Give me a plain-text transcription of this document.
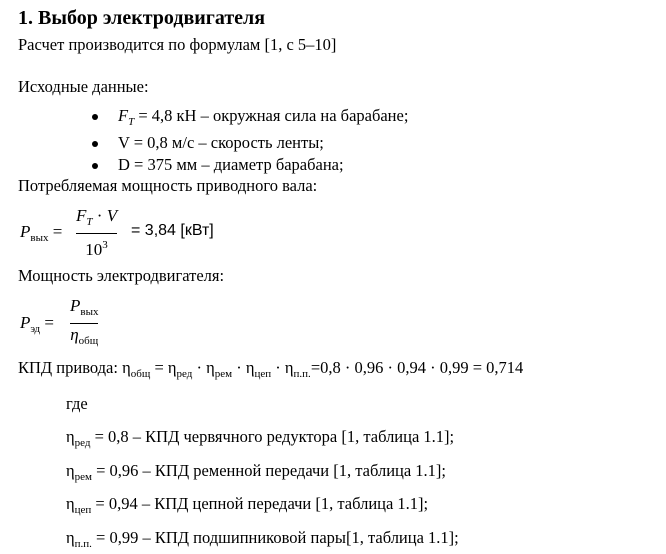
1. Выбор электродвигателя
Расчет производится по формулам [1, с 5–10]
Исходные данные:
$F_T = 4,8$ кН – окружная сила на барабане;
V = 0,8 м/с – скорость ленты;
D = 375 мм – диаметр барабана;
Потребляемая мощность приводного вала:
$P_{вых}$ =
$F_T \cdot V$
$10^3$
= 3,84 [кВт]
Мощность электродвигателя:
$P_{эд}$ =
$P_{вых}$
$\eta_{общ}$
КПД привода: $\eta_{общ} = \eta_{ред} \cdot \eta_{рем} \cdot \eta_{цеп} \cdot \eta_{п.п.}=0,8 \cdot 0,96 \cdot 0,94 \cdot 0,99 = 0,714$
где
$\eta_{ред} = 0,8$ – КПД червячного редуктора [1, таблица 1.1];
$\eta_{рем} = 0,96$ – КПД ременной передачи [1, таблица 1.1];
$\eta_{цеп} = 0,94$ – КПД цепной передачи [1, таблица 1.1];
$\eta_{п.п.} = 0,99$ – КПД подшипниковой пары[1, таблица 1.1];
